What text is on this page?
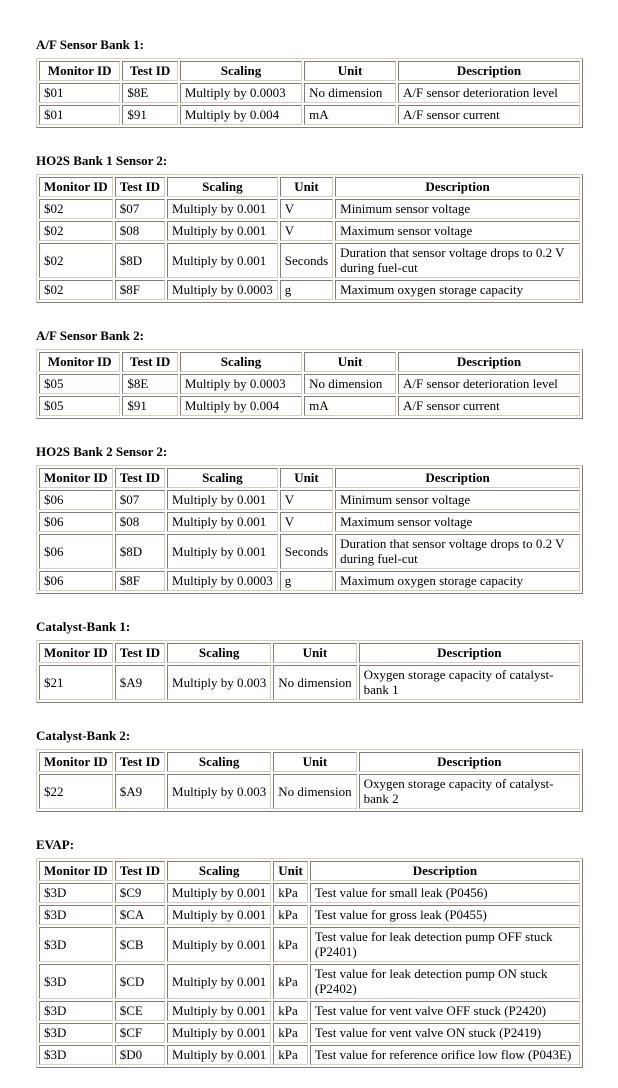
A/F Sensor Bank 1:
Monitor ID	Test ID	Scaling	Unit	Description
$01	$8E	Multiply by 0.0003	No dimension	A/F sensor deterioration level
$01	$91	Multiply by 0.004	mA	A/F sensor current
HO2S Bank 1 Sensor 2:
Monitor ID	Test ID	Scaling	Unit	Description
$02	$07	Multiply by 0.001	V	Minimum sensor voltage
$02	$08	Multiply by 0.001	V	Maximum sensor voltage
$02	$8D	Multiply by 0.001	Seconds	Duration that sensor voltage drops to 0.2 V during fuel-cut
$02	$8F	Multiply by 0.0003	g	Maximum oxygen storage capacity
A/F Sensor Bank 2:
Monitor ID	Test ID	Scaling	Unit	Description
$05	$8E	Multiply by 0.0003	No dimension	A/F sensor deterioration level
$05	$91	Multiply by 0.004	mA	A/F sensor current
HO2S Bank 2 Sensor 2:
Monitor ID	Test ID	Scaling	Unit	Description
$06	$07	Multiply by 0.001	V	Minimum sensor voltage
$06	$08	Multiply by 0.001	V	Maximum sensor voltage
$06	$8D	Multiply by 0.001	Seconds	Duration that sensor voltage drops to 0.2 V during fuel-cut
$06	$8F	Multiply by 0.0003	g	Maximum oxygen storage capacity
Catalyst-Bank 1:
Monitor ID	Test ID	Scaling	Unit	Description
$21	$A9	Multiply by 0.003	No dimension	Oxygen storage capacity of catalyst-bank 1
Catalyst-Bank 2:
Monitor ID	Test ID	Scaling	Unit	Description
$22	$A9	Multiply by 0.003	No dimension	Oxygen storage capacity of catalyst-bank 2
EVAP:
Monitor ID	Test ID	Scaling	Unit	Description
$3D	$C9	Multiply by 0.001	kPa	Test value for small leak (P0456)
$3D	$CA	Multiply by 0.001	kPa	Test value for gross leak (P0455)
$3D	$CB	Multiply by 0.001	kPa	Test value for leak detection pump OFF stuck (P2401)
$3D	$CD	Multiply by 0.001	kPa	Test value for leak detection pump ON stuck (P2402)
$3D	$CE	Multiply by 0.001	kPa	Test value for vent valve OFF stuck (P2420)
$3D	$CF	Multiply by 0.001	kPa	Test value for vent valve ON stuck (P2419)
$3D	$D0	Multiply by 0.001	kPa	Test value for reference orifice low flow (P043E)
